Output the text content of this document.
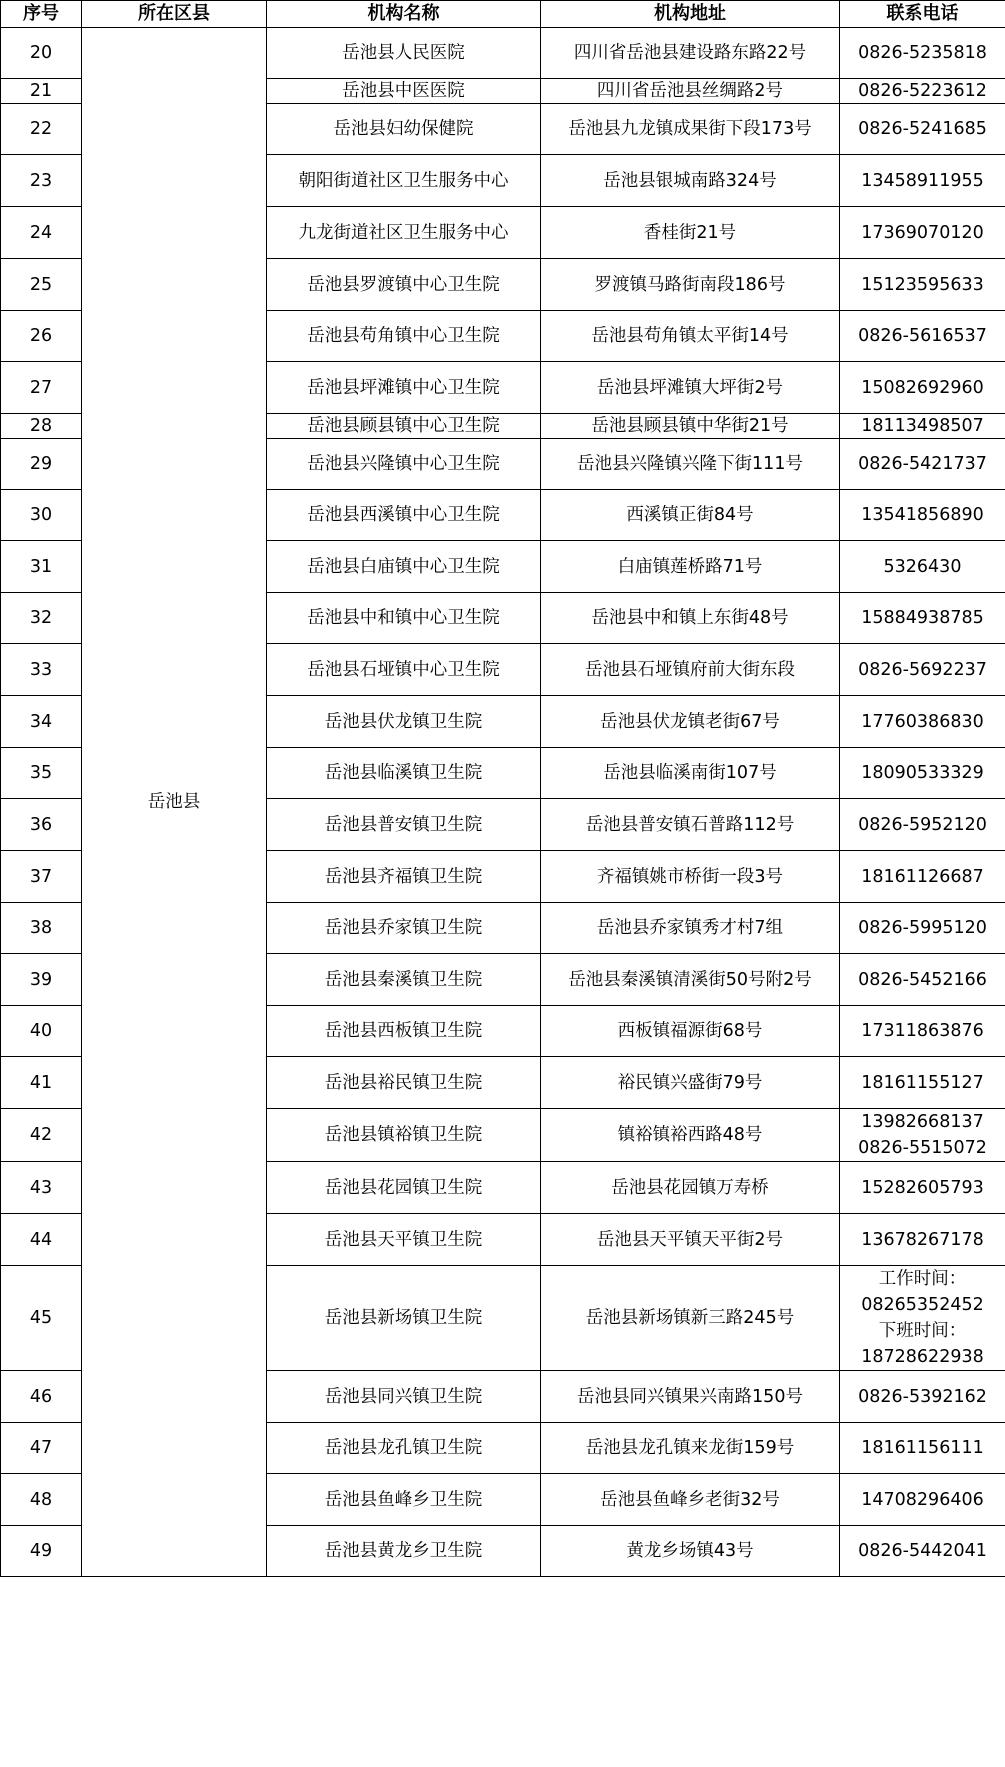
序号	所在区县	机构名称	机构地址	联系电话
20	岳池县	岳池县人民医院	四川省岳池县建设路东路22号	0826-5235818

21		岳池县中医医院	四川省岳池县丝绸路2号	0826-5223612

22		岳池县妇幼保健院	岳池县九龙镇成果街下段173号	0826-5241685

23		朝阳街道社区卫生服务中心	岳池县银城南路324号	13458911955

24		九龙街道社区卫生服务中心	香桂街21号	17369070120

25		岳池县罗渡镇中心卫生院	罗渡镇马路街南段186号	15123595633

26		岳池县苟角镇中心卫生院	岳池县苟角镇太平街14号	0826-5616537

27		岳池县坪滩镇中心卫生院	岳池县坪滩镇大坪街2号	15082692960

28		岳池县顾县镇中心卫生院	岳池县顾县镇中华街21号	18113498507

29		岳池县兴隆镇中心卫生院	岳池县兴隆镇兴隆下街111号	0826-5421737

30		岳池县西溪镇中心卫生院	西溪镇正街84号	13541856890

31		岳池县白庙镇中心卫生院	白庙镇莲桥路71号	5326430

32		岳池县中和镇中心卫生院	岳池县中和镇上东街48号	15884938785

33		岳池县石垭镇中心卫生院	岳池县石垭镇府前大街东段	0826-5692237

34		岳池县伏龙镇卫生院	岳池县伏龙镇老街67号	17760386830

35		岳池县临溪镇卫生院	岳池县临溪南街107号	18090533329

36		岳池县普安镇卫生院	岳池县普安镇石普路112号	0826-5952120

37		岳池县齐福镇卫生院	齐福镇姚市桥街一段3号	18161126687

38		岳池县乔家镇卫生院	岳池县乔家镇秀才村7组	0826-5995120

39		岳池县秦溪镇卫生院	岳池县秦溪镇清溪街50号附2号	0826-5452166

40		岳池县西板镇卫生院	西板镇福源街68号	17311863876

41		岳池县裕民镇卫生院	裕民镇兴盛街79号	18161155127

42		岳池县镇裕镇卫生院	镇裕镇裕西路48号	13982668137
0826-5515072

43		岳池县花园镇卫生院	岳池县花园镇万寿桥	15282605793

44		岳池县天平镇卫生院	岳池县天平镇天平街2号	13678267178

45		岳池县新场镇卫生院	岳池县新场镇新三路245号	工作时间：
08265352452
下班时间：
18728622938

46		岳池县同兴镇卫生院	岳池县同兴镇果兴南路150号	0826-5392162

47		岳池县龙孔镇卫生院	岳池县龙孔镇来龙街159号	18161156111

48		岳池县鱼峰乡卫生院	岳池县鱼峰乡老街32号	14708296406

49		岳池县黄龙乡卫生院	黄龙乡场镇43号	0826-5442041
